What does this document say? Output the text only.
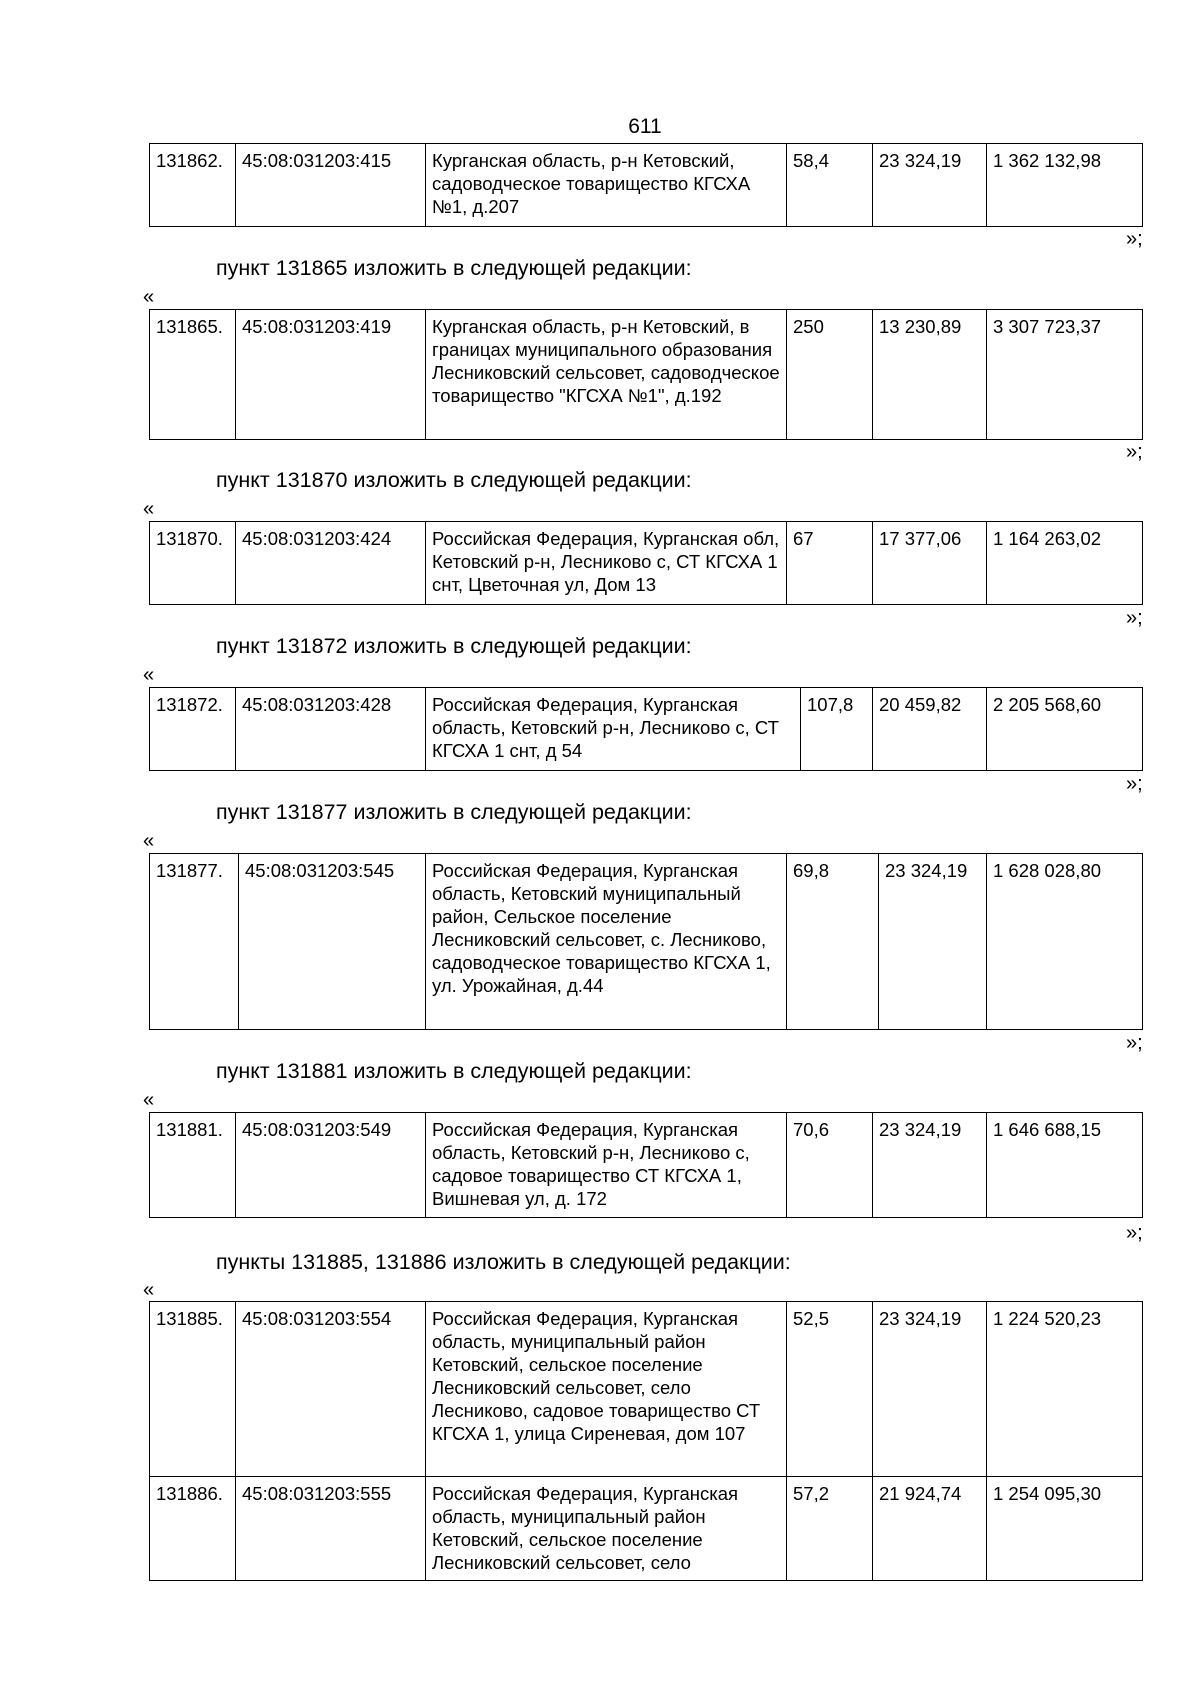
611
131862.	45:08:031203:415	Курганская область, р-н Кетовский, садоводческое товарищество КГСХА №1, д.207	58,4	23 324,19	1 362 132,98
»;
пункт 131865 изложить в следующей редакции:
«
131865.	45:08:031203:419	Курганская область, р-н Кетовский, в границах муниципального образования Лесниковский сельсовет, садоводческое товарищество "КГСХА №1", д.192	250	13 230,89	3 307 723,37
»;
пункт 131870 изложить в следующей редакции:
«
131870.	45:08:031203:424	Российская Федерация, Курганская обл, Кетовский р-н, Лесниково с, СТ КГСХА 1 снт, Цветочная ул, Дом 13	67	17 377,06	1 164 263,02
»;
пункт 131872 изложить в следующей редакции:
«
131872.	45:08:031203:428	Российская Федерация, Курганская область, Кетовский р-н, Лесниково с, СТ КГСХА 1 снт, д 54	107,8	20 459,82	2 205 568,60
»;
пункт 131877 изложить в следующей редакции:
«
131877.	45:08:031203:545	Российская Федерация, Курганская область, Кетовский муниципальный район, Сельское поселение Лесниковский сельсовет, с. Лесниково, садоводческое товарищество КГСХА 1, ул. Урожайная, д.44	69,8	23 324,19	1 628 028,80
»;
пункт 131881 изложить в следующей редакции:
«
131881.	45:08:031203:549	Российская Федерация, Курганская область, Кетовский р-н, Лесниково с, садовое товарищество СТ КГСХА 1, Вишневая ул, д. 172	70,6	23 324,19	1 646 688,15
»;
пункты 131885, 131886 изложить в следующей редакции:
«
131885.	45:08:031203:554	Российская Федерация, Курганская область, муниципальный район Кетовский, сельское поселение Лесниковский сельсовет, село Лесниково, садовое товарищество СТ КГСХА 1, улица Сиреневая, дом 107	52,5	23 324,19	1 224 520,23
131886.	45:08:031203:555	Российская Федерация, Курганская область, муниципальный район Кетовский, сельское поселение Лесниковский сельсовет, село	57,2	21 924,74	1 254 095,30
